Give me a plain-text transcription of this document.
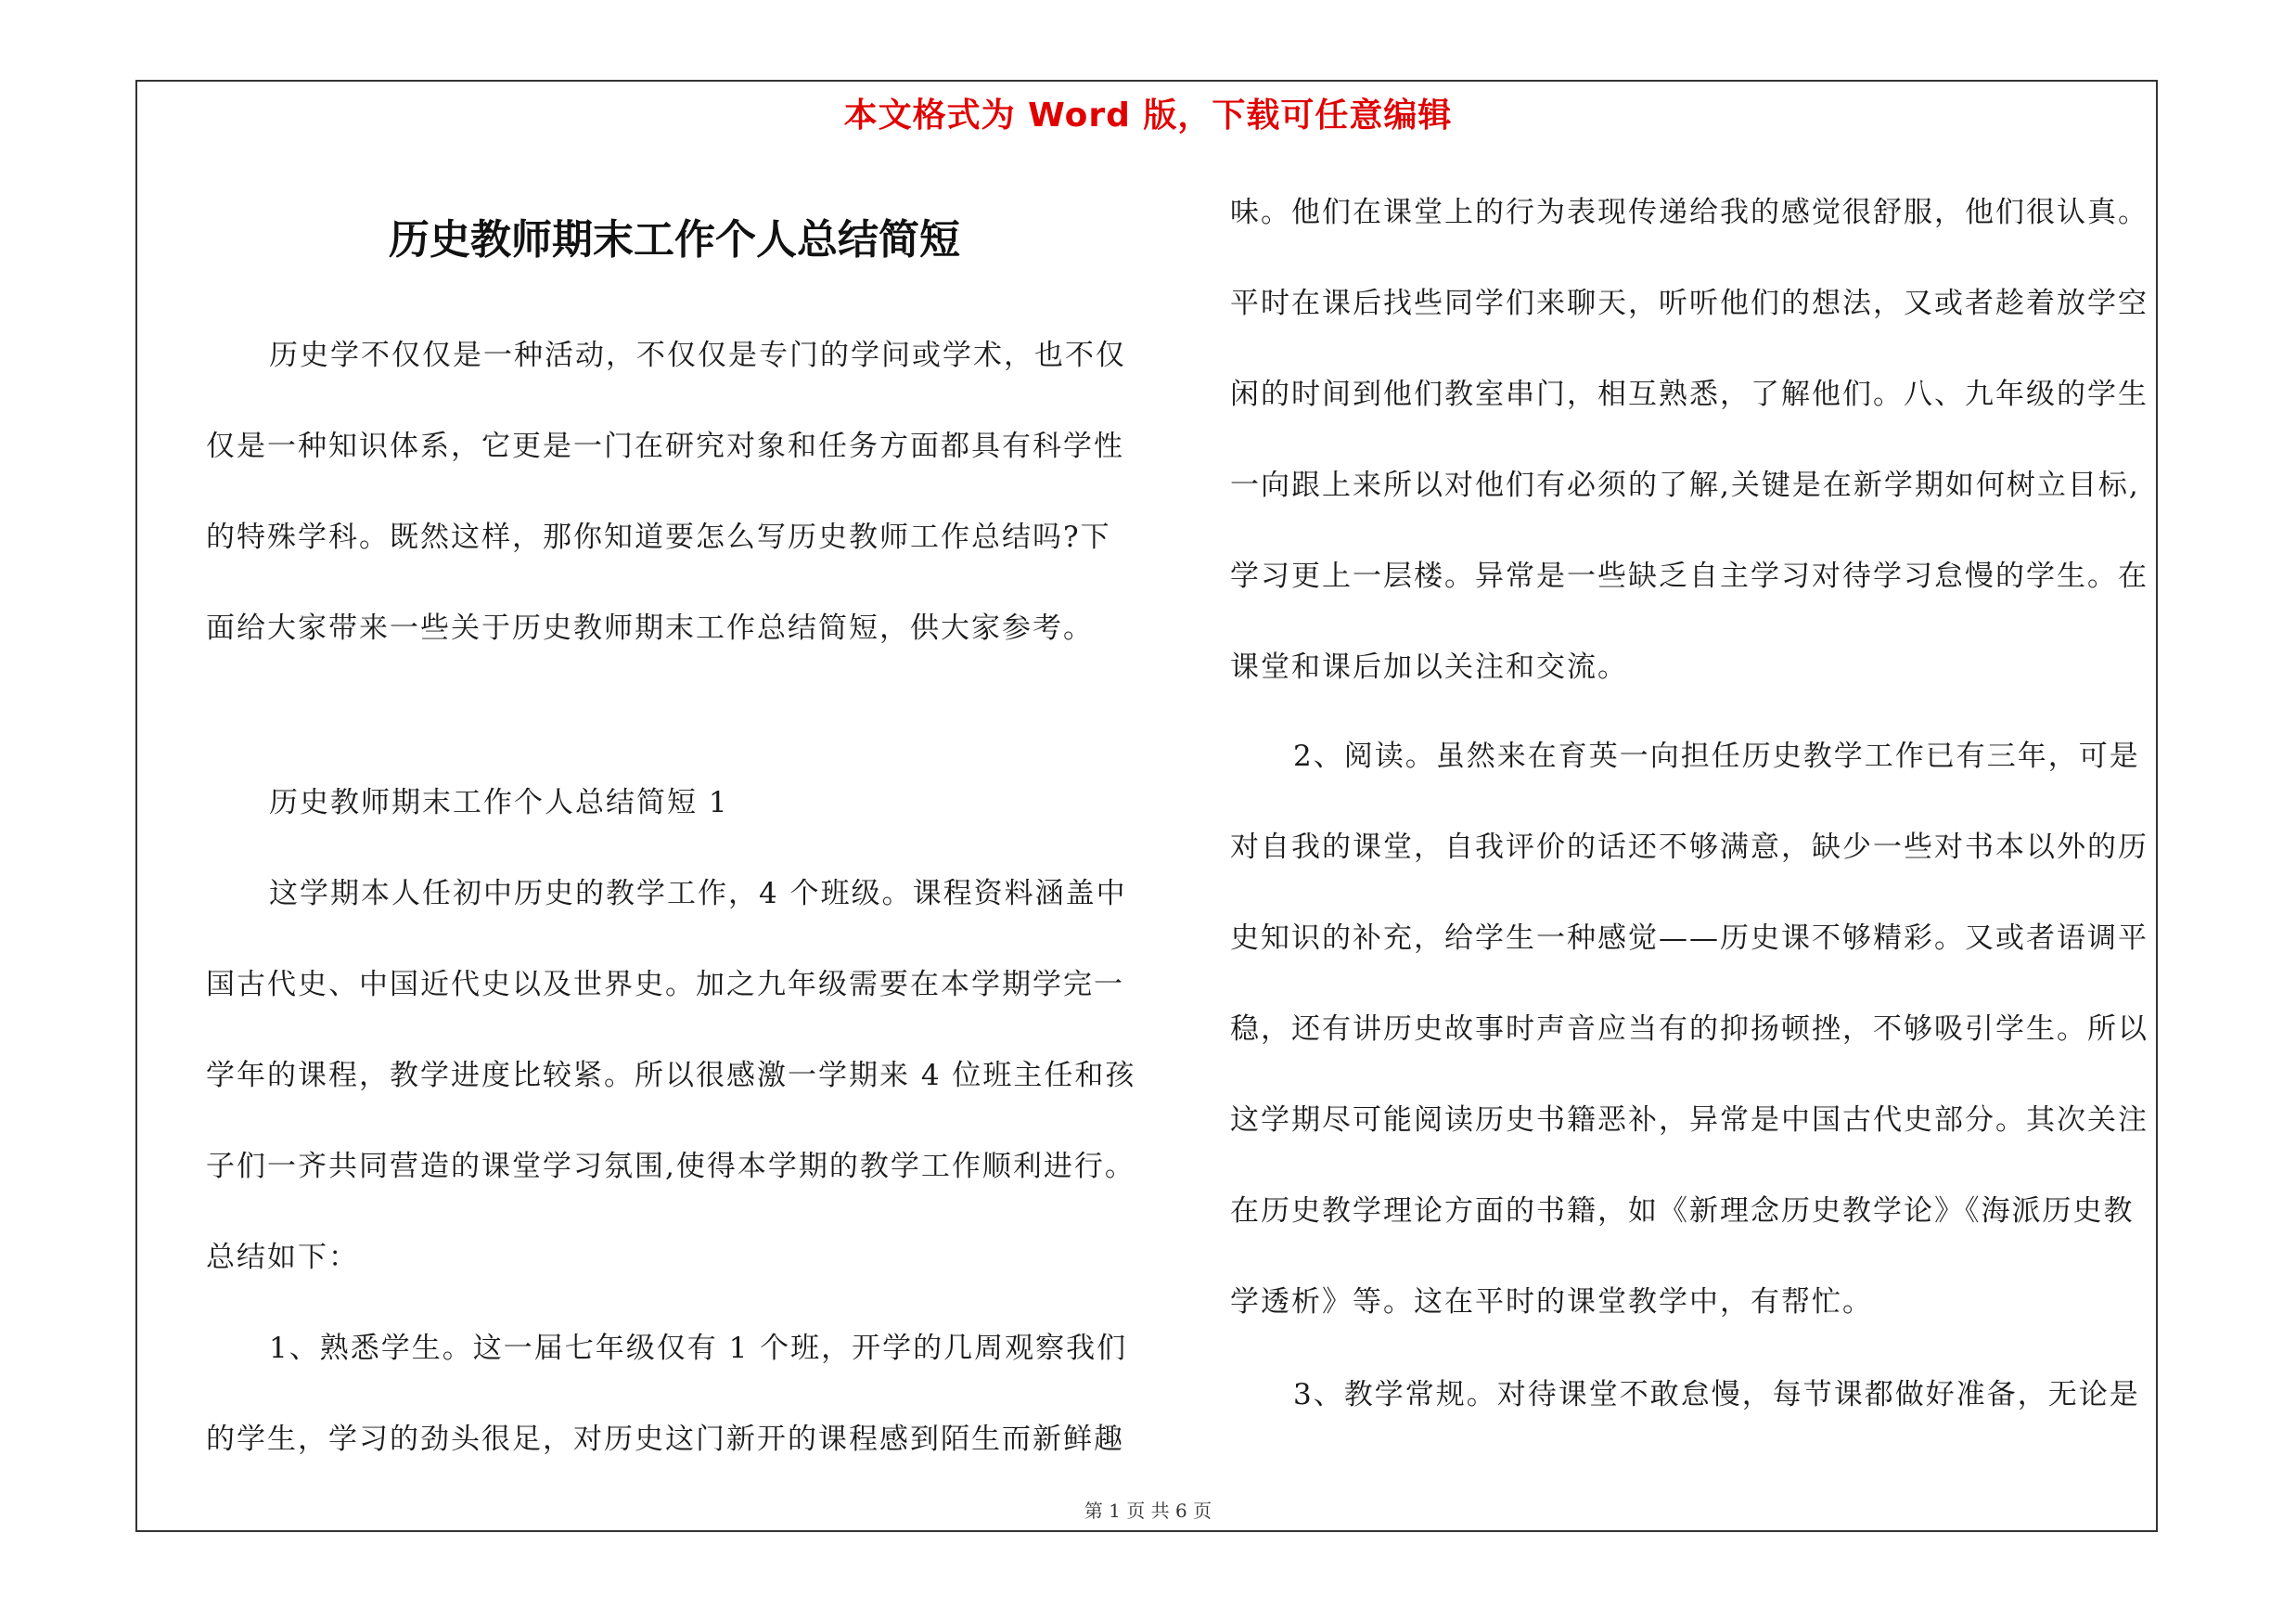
本文格式为 Word 版，下载可任意编辑
历史教师期末工作个人总结简短
历史学不仅仅是一种活动，不仅仅是专门的学问或学术，也不仅
仅是一种知识体系，它更是一门在研究对象和任务方面都具有科学性
的特殊学科。既然这样，那你知道要怎么写历史教师工作总结吗?下
面给大家带来一些关于历史教师期末工作总结简短，供大家参考。
历史教师期末工作个人总结简短 1
这学期本人任初中历史的教学工作，4 个班级。课程资料涵盖中
国古代史、中国近代史以及世界史。加之九年级需要在本学期学完一
学年的课程，教学进度比较紧。所以很感激一学期来 4 位班主任和孩
子们一齐共同营造的课堂学习氛围,使得本学期的教学工作顺利进行。
总结如下：
1、熟悉学生。这一届七年级仅有 1 个班，开学的几周观察我们
的学生，学习的劲头很足，对历史这门新开的课程感到陌生而新鲜趣
味。他们在课堂上的行为表现传递给我的感觉很舒服，他们很认真。
平时在课后找些同学们来聊天，听听他们的想法，又或者趁着放学空
闲的时间到他们教室串门，相互熟悉，了解他们。八、九年级的学生
一向跟上来所以对他们有必须的了解,关键是在新学期如何树立目标,
学习更上一层楼。异常是一些缺乏自主学习对待学习怠慢的学生。在
课堂和课后加以关注和交流。
2、阅读。虽然来在育英一向担任历史教学工作已有三年，可是
对自我的课堂，自我评价的话还不够满意，缺少一些对书本以外的历
史知识的补充，给学生一种感觉——历史课不够精彩。又或者语调平
稳，还有讲历史故事时声音应当有的抑扬顿挫，不够吸引学生。所以
这学期尽可能阅读历史书籍恶补，异常是中国古代史部分。其次关注
在历史教学理论方面的书籍，如《新理念历史教学论》《海派历史教
学透析》等。这在平时的课堂教学中，有帮忙。
3、教学常规。对待课堂不敢怠慢，每节课都做好准备，无论是
第 1 页 共 6 页
